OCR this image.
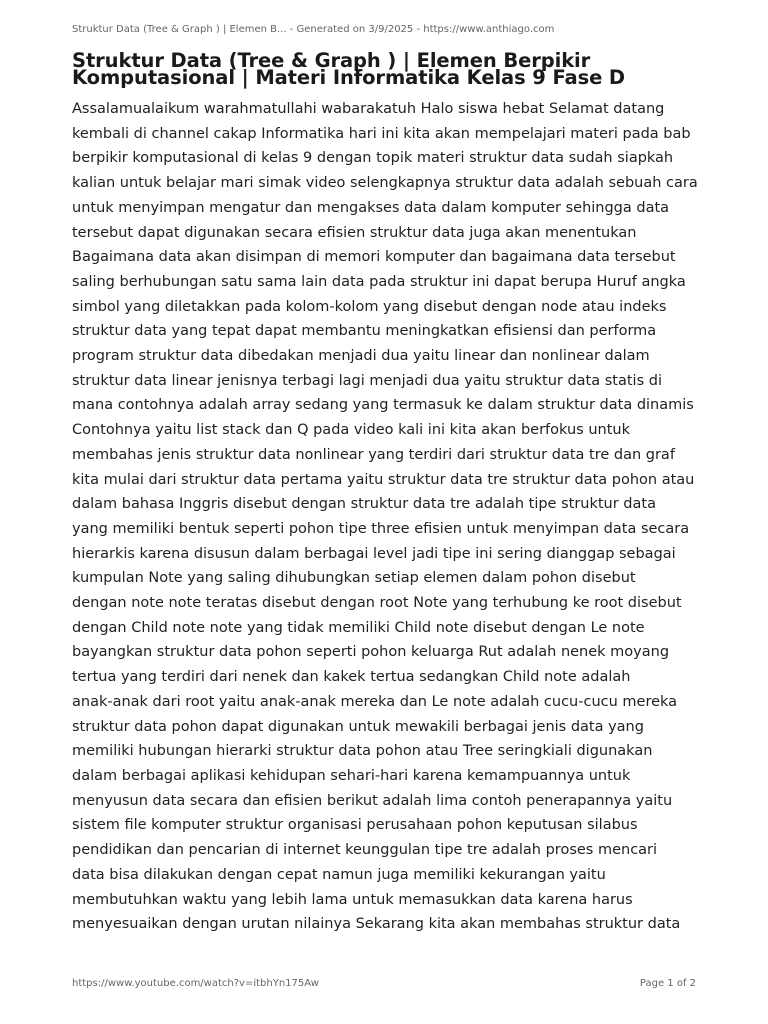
Struktur Data (Tree & Graph ) | Elemen B... - Generated on 3/9/2025 - https://www.anthiago.com
Struktur Data (Tree & Graph ) | Elemen Berpikir
Komputasional | Materi Informatika Kelas 9 Fase D
Assalamualaikum warahmatullahi wabarakatuh Halo siswa hebat Selamat datang
kembali di channel cakap Informatika hari ini kita akan mempelajari materi pada bab
berpikir komputasional di kelas 9 dengan topik materi struktur data sudah siapkah
kalian untuk belajar mari simak video selengkapnya struktur data adalah sebuah cara
untuk menyimpan mengatur dan mengakses data dalam komputer sehingga data
tersebut dapat digunakan secara efisien struktur data juga akan menentukan
Bagaimana data akan disimpan di memori komputer dan bagaimana data tersebut
saling berhubungan satu sama lain data pada struktur ini dapat berupa Huruf angka
simbol yang diletakkan pada kolom-kolom yang disebut dengan node atau indeks
struktur data yang tepat dapat membantu meningkatkan efisiensi dan performa
program struktur data dibedakan menjadi dua yaitu linear dan nonlinear dalam
struktur data linear jenisnya terbagi lagi menjadi dua yaitu struktur data statis di
mana contohnya adalah array sedang yang termasuk ke dalam struktur data dinamis
Contohnya yaitu list stack dan Q pada video kali ini kita akan berfokus untuk
membahas jenis struktur data nonlinear yang terdiri dari struktur data tre dan graf
kita mulai dari struktur data pertama yaitu struktur data tre struktur data pohon atau
dalam bahasa Inggris disebut dengan struktur data tre adalah tipe struktur data
yang memiliki bentuk seperti pohon tipe three efisien untuk menyimpan data secara
hierarkis karena disusun dalam berbagai level jadi tipe ini sering dianggap sebagai
kumpulan Note yang saling dihubungkan setiap elemen dalam pohon disebut
dengan note note teratas disebut dengan root Note yang terhubung ke root disebut
dengan Child note note yang tidak memiliki Child note disebut dengan Le note
bayangkan struktur data pohon seperti pohon keluarga Rut adalah nenek moyang
tertua yang terdiri dari nenek dan kakek tertua sedangkan Child note adalah
anak-anak dari root yaitu anak-anak mereka dan Le note adalah cucu-cucu mereka
struktur data pohon dapat digunakan untuk mewakili berbagai jenis data yang
memiliki hubungan hierarki struktur data pohon atau Tree seringkiali digunakan
dalam berbagai aplikasi kehidupan sehari-hari karena kemampuannya untuk
menyusun data secara dan efisien berikut adalah lima contoh penerapannya yaitu
sistem file komputer struktur organisasi perusahaan pohon keputusan silabus
pendidikan dan pencarian di internet keunggulan tipe tre adalah proses mencari
data bisa dilakukan dengan cepat namun juga memiliki kekurangan yaitu
membutuhkan waktu yang lebih lama untuk memasukkan data karena harus
menyesuaikan dengan urutan nilainya Sekarang kita akan membahas struktur data
https://www.youtube.com/watch?v=itbhYn175Aw	Page 1 of 2
